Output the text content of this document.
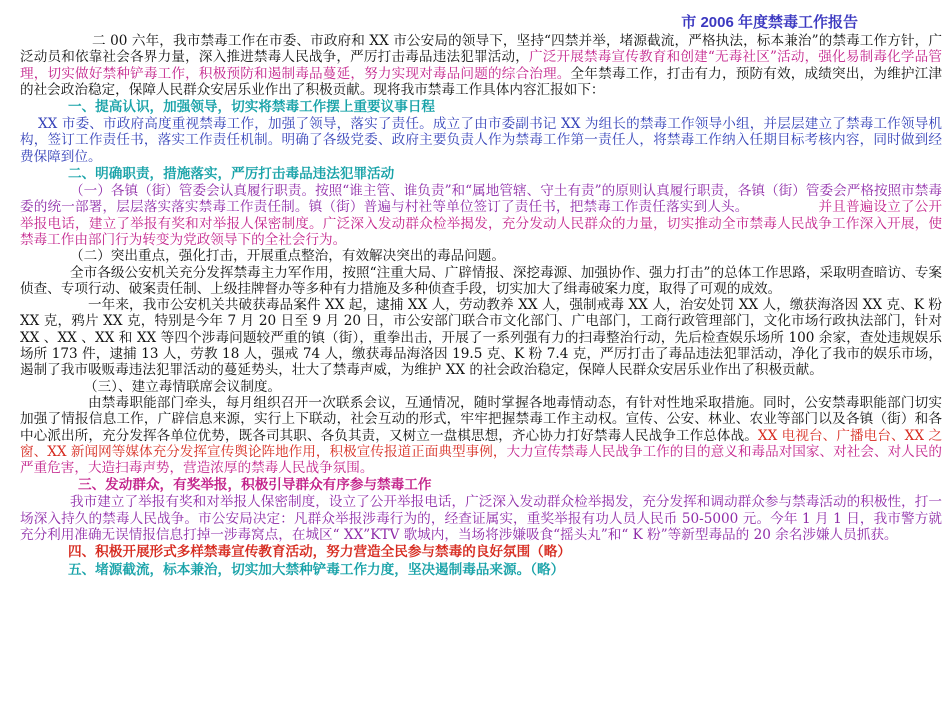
市 2006 年度禁毒工作报告

二 00 六年，我市禁毒工作在市委、市政府和 XX 市公安局的领导下，坚持“四禁并举，堵源截流，严格执法，标本兼治”的禁毒工作方针，广泛动员和依靠社会各界力量，深入推进禁毒人民战争，严厉打击毒品违法犯罪活动，广泛开展禁毒宣传教育和创建“无毒社区”活动，强化易制毒化学品管理，切实做好禁种铲毒工作，积极预防和遏制毒品蔓延，努力实现对毒品问题的综合治理。全年禁毒工作，打击有力，预防有效，成绩突出，为维护江津的社会政治稳定，保障人民群众安居乐业作出了积极贡献。现将我市禁毒工作具体内容汇报如下：

一、提高认识，加强领导，切实将禁毒工作摆上重要议事日程

XX 市委、市政府高度重视禁毒工作，加强了领导，落实了责任。成立了由市委副书记 XX 为组长的禁毒工作领导小组，并层层建立了禁毒工作领导机构，签订工作责任书，落实工作责任机制。明确了各级党委、政府主要负责人作为禁毒工作第一责任人，将禁毒工作纳入任期目标考核内容，同时做到经费保障到位。

二、明确职责，措施落实，严厉打击毒品违法犯罪活动

（一）各镇（街）管委会认真履行职责。按照“谁主管、谁负责”和“属地管辖、守土有责”的原则认真履行职责，各镇（街）管委会严格按照市禁毒委的统一部署，层层落实落实禁毒工作责任制。镇（街）普遍与村社等单位签订了责任书，把禁毒工作责任落实到人头。	并且普遍设立了公开举报电话，建立了举报有奖和对举报人保密制度。广泛深入发动群众检举揭发，充分发动人民群众的力量，切实推动全市禁毒人民战争工作深入开展，使禁毒工作由部门行为转变为党政领导下的全社会行为。

（二）突出重点，强化打击，开展重点整治，有效解决突出的毒品问题。

全市各级公安机关充分发挥禁毒主力军作用，按照“注重大局、广辟情报、深挖毒源、加强协作、强力打击”的总体工作思路，采取明查暗访、专案侦查、专项行动、破案责任制、上级挂牌督办等多种有力措施及多种侦查手段，切实加大了缉毒破案力度，取得了可观的成效。

一年来，我市公安机关共破获毒品案件 XX 起，逮捕 XX 人，劳动教养 XX 人，强制戒毒 XX 人，治安处罚 XX 人，缴获海洛因 XX 克、K 粉 XX 克，鸦片 XX 克，特别是今年 7 月 20 日至 9 月 20 日，市公安部门联合市文化部门、广电部门，工商行政管理部门，文化市场行政执法部门，针对 XX 、XX 、XX 和 XX 等四个涉毒问题较严重的镇（街），重拳出击，开展了一系列强有力的扫毒整治行动，先后检查娱乐场所 100 余家，查处违规娱乐场所 173 件，逮捕 13 人，劳教 18 人，强戒 74 人，缴获毒品海洛因 19.5 克、K 粉 7.4 克，严厉打击了毒品违法犯罪活动，净化了我市的娱乐市场，遏制了我市吸贩毒违法犯罪活动的蔓延势头，壮大了禁毒声威，为维护 XX 的社会政治稳定，保障人民群众安居乐业作出了积极贡献。

（三）、建立毒情联席会议制度。

由禁毒职能部门牵头，每月组织召开一次联系会议，互通情况，随时掌握各地毒情动态，有针对性地采取措施。同时，公安禁毒职能部门切实加强了情报信息工作，广辟信息来源，实行上下联动，社会互动的形式，牢牢把握禁毒工作主动权。宣传、公安、林业、农业等部门以及各镇（街）和各中心派出所，充分发挥各单位优势，既各司其职、各负其责，又树立一盘棋思想，齐心协力打好禁毒人民战争工作总体战。XX 电视台、广播电台、XX 之窗、XX 新闻网等媒体充分发挥宣传舆论阵地作用，积极宣传报道正面典型事例，大力宣传禁毒人民战争工作的目的意义和毒品对国家、对社会、对人民的严重危害，大造扫毒声势，营造浓厚的禁毒人民战争氛围。

三、发动群众，有奖举报，积极引导群众有序参与禁毒工作

我市建立了举报有奖和对举报人保密制度，设立了公开举报电话，广泛深入发动群众检举揭发，充分发挥和调动群众参与禁毒活动的积极性，打一场深入持久的禁毒人民战争。市公安局决定：凡群众举报涉毒行为的，经查证属实，重奖举报有功人员人民币 50-5000 元。今年 1 月 1 日，我市警方就充分利用准确无误情报信息打掉一涉毒窝点，在城区“ XX”KTV 歌城内，当场将涉嫌吸食“摇头丸”和“ K 粉”等新型毒品的 20 余名涉嫌人员抓获。

四、积极开展形式多样禁毒宣传教育活动，努力营造全民参与禁毒的良好氛围（略）
五、堵源截流，标本兼治，切实加大禁种铲毒工作力度，坚决遏制毒品来源。（略）
